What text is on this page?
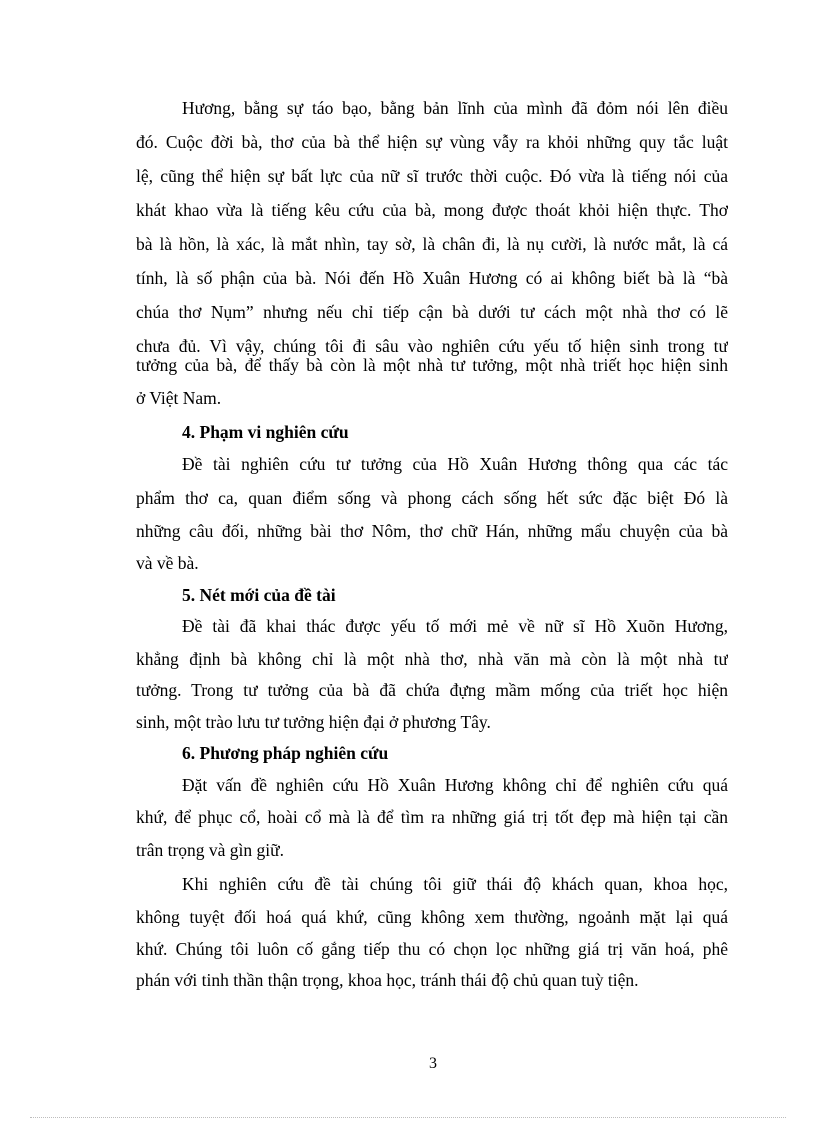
Hương, bằng sự táo bạo, bằng bản lĩnh của mình đã đỏm nói lên điều
đó. Cuộc đời bà, thơ của bà thể hiện sự vùng vẫy ra khỏi những quy tắc luật
lệ, cũng thể hiện sự bất lực của nữ sĩ trước thời cuộc. Đó vừa là tiếng nói của
khát khao vừa là tiếng kêu cứu của bà, mong được thoát khỏi hiện thực. Thơ
bà là hồn, là xác, là mắt nhìn, tay sờ, là chân đi, là nụ cười, là nước mắt, là cá
tính, là số phận của bà. Nói đến Hồ Xuân Hương có ai không biết bà là “bà
chúa thơ Nụm” nhưng nếu chỉ tiếp cận bà dưới tư cách một nhà thơ có lẽ
chưa đủ. Vì vậy, chúng tôi đi sâu vào nghiên cứu yếu tố hiện sinh trong tư
tưởng của bà, để thấy bà còn là một nhà tư tưởng, một nhà triết học hiện sinh
ở Việt Nam.
4. Phạm vi nghiên cứu
Đề tài nghiên cứu tư tưởng của Hồ Xuân Hương thông qua các tác
phẩm thơ ca, quan điểm sống và phong cách sống hết sức đặc biệt Đó là
những câu đối, những bài thơ Nôm, thơ chữ Hán, những mẩu chuyện của bà
và về bà.
5. Nét mới của đề tài
Đề tài đã khai thác được yếu tố mới mẻ về nữ sĩ Hồ Xuõn Hương,
khẳng định bà không chỉ là một nhà thơ, nhà văn mà còn là một nhà tư
tưởng. Trong tư tưởng của bà đã chứa đựng mầm mống của triết học hiện
sinh, một trào lưu tư tưởng hiện đại ở phương Tây.
6. Phương pháp nghiên cứu
Đặt vấn đề nghiên cứu Hồ Xuân Hương không chỉ để nghiên cứu quá
khứ, để phục cổ, hoài cổ mà là để tìm ra những giá trị tốt đẹp mà hiện tại cần
trân trọng và gìn giữ.
Khi nghiên cứu đề tài chúng tôi giữ thái độ khách quan, khoa học,
không tuyệt đối hoá quá khứ, cũng không xem thường, ngoảnh mặt lại quá
khứ. Chúng tôi luôn cố gắng tiếp thu có chọn lọc những giá trị văn hoá, phê
phán với tinh thần thận trọng, khoa học, tránh thái độ chủ quan tuỳ tiện.
3
